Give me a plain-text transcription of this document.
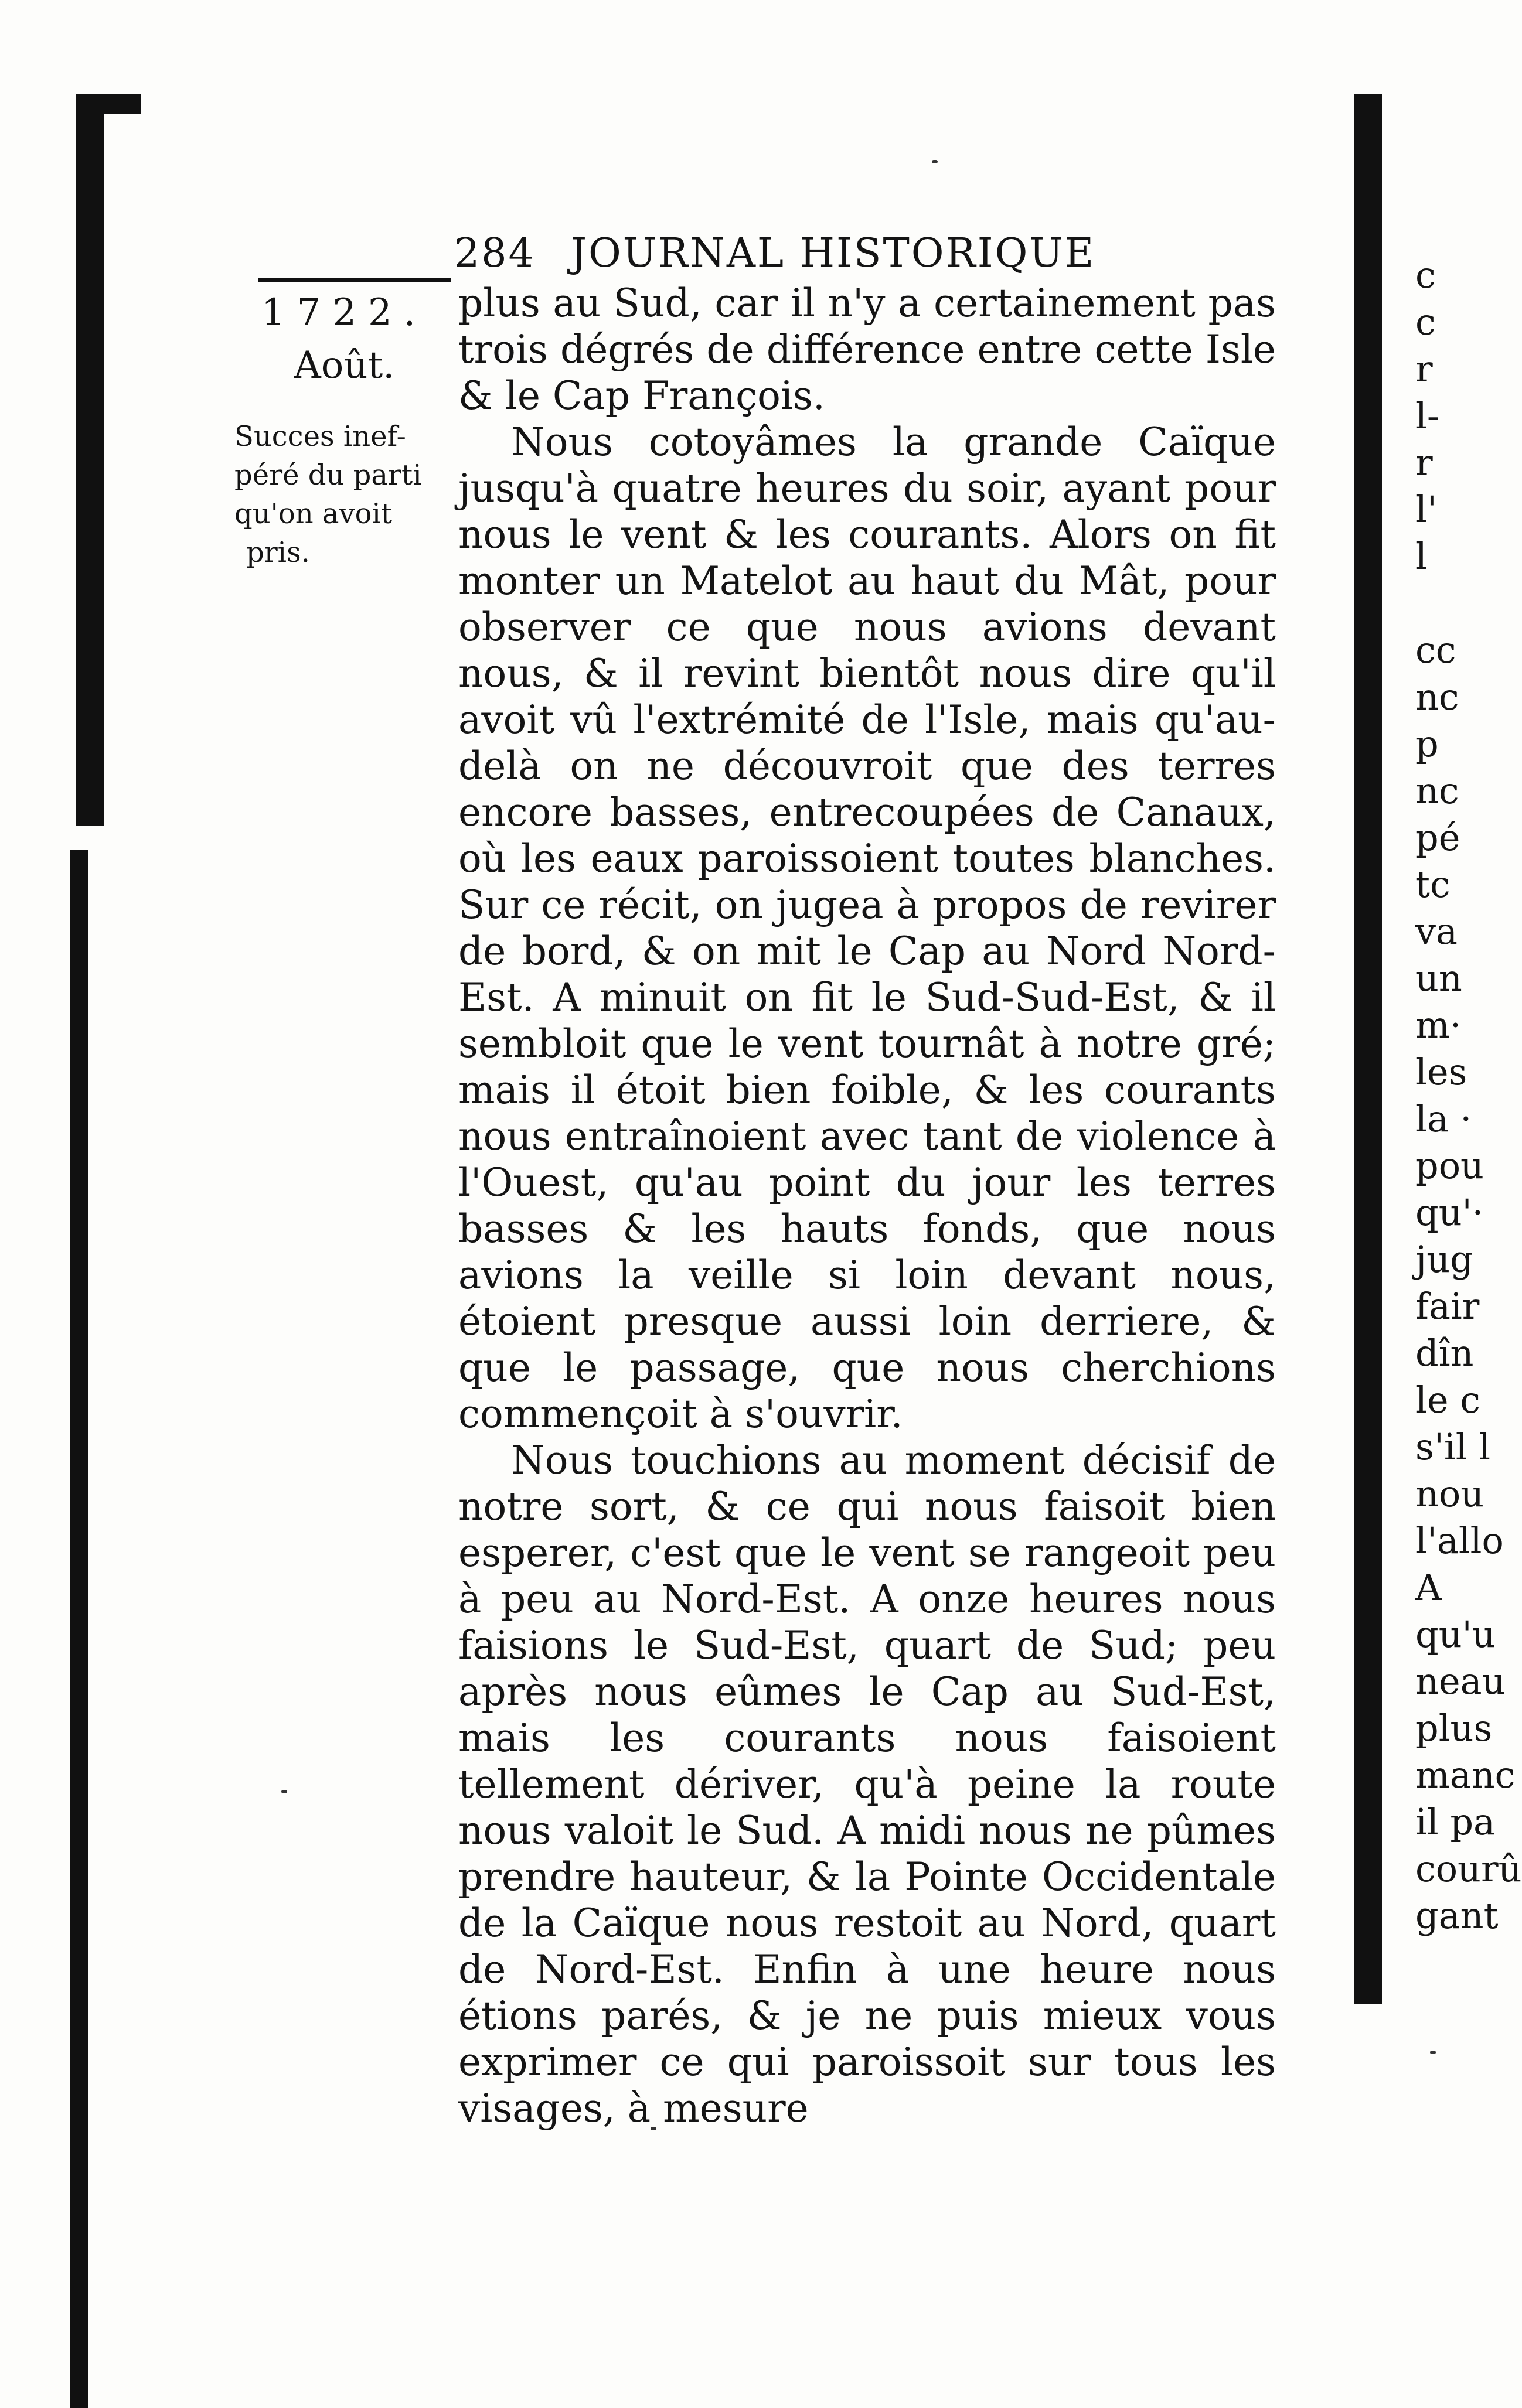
284 JOURNAL HISTORIQUE
1722.
Août.
Succes inef-
péré du parti
qu'on avoit
pris.

plus au Sud, car il n'y a certainement pas trois dégrés de différence entre cette Isle & le Cap François.

Nous cotoyâmes la grande Caïque jusqu'à quatre heures du soir, ayant pour nous le vent & les courants. Alors on fit monter un Matelot au haut du Mât, pour observer ce que nous avions devant nous, & il revint bientôt nous dire qu'il avoit vû l'extrémité de l'Isle, mais qu'au-delà on ne découvroit que des terres encore basses, entrecoupées de Canaux, où les eaux paroissoient toutes blanches. Sur ce récit, on jugea à propos de revirer de bord, & on mit le Cap au Nord Nord-Est. A minuit on fit le Sud-Sud-Est, & il sembloit que le vent tournât à notre gré; mais il étoit bien foible, & les courants nous entraînoient avec tant de violence à l'Ouest, qu'au point du jour les terres basses & les hauts fonds, que nous avions la veille si loin devant nous, étoient presque aussi loin derriere, & que le passage, que nous cherchions commençoit à s'ouvrir.

Nous touchions au moment décisif de notre sort, & ce qui nous faisoit bien esperer, c'est que le vent se rangeoit peu à peu au Nord-Est. A onze heures nous faisions le Sud-Est, quart de Sud; peu après nous eûmes le Cap au Sud-Est, mais les courants nous faisoient tellement dériver, qu'à peine la route nous valoit le Sud. A midi nous ne pûmes prendre hauteur, & la Pointe Occidentale de la Caïque nous restoit au Nord, quart de Nord-Est. Enfin à une heure nous étions parés, & je ne puis mieux vous exprimer ce qui paroissoit sur tous les visages, à mesure

c
c
r
l-
r
l'
l

cc
nc
p
nc
pé
tc
va
un
m·
les
la ·
pou
qu'·
jug
fair
dîn
le c
s'il l
nou
l'allo
A
qu'u
neau
plus
manc
il pa
courû
gant
